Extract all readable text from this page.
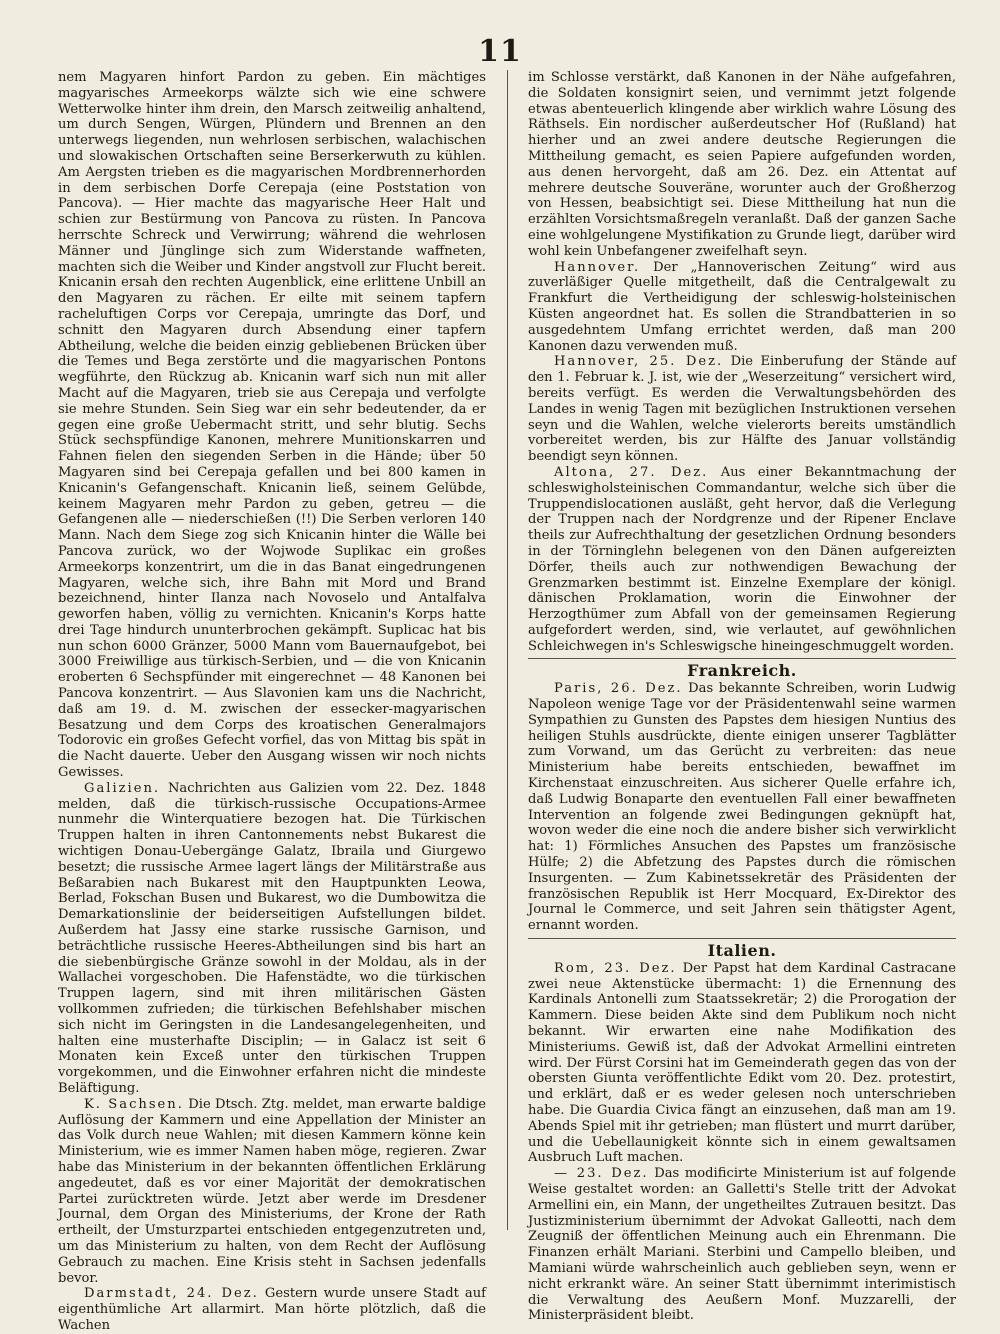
11

nem Magyaren hinfort Pardon zu geben. Ein mächtiges magyarisches Armeekorps wälzte sich wie eine schwere Wetterwolke hinter ihm drein, den Marsch zeitweilig anhaltend, um durch Sengen, Würgen, Plündern und Brennen an den unterwegs liegenden, nun wehrlosen serbischen, walachischen und slowakischen Ortschaften seine Berserkerwuth zu kühlen. Am Aergsten trieben es die magyarischen Mordbrennerhorden in dem serbischen Dorfe Cerepaja (eine Poststation von Pancova). — Hier machte das magyarische Heer Halt und schien zur Bestürmung von Pancova zu rüsten. In Pancova herrschte Schreck und Verwirrung; während die wehrlosen Männer und Jünglinge sich zum Widerstande waffneten, machten sich die Weiber und Kinder angstvoll zur Flucht bereit. Knicanin ersah den rechten Augenblick, eine erlittene Unbill an den Magyaren zu rächen. Er eilte mit seinem tapfern racheluftigen Corps vor Cerepaja, umringte das Dorf, und schnitt den Magyaren durch Absendung einer tapfern Abtheilung, welche die beiden einzig gebliebenen Brücken über die Temes und Bega zerstörte und die magyarischen Pontons wegführte, den Rückzug ab. Knicanin warf sich nun mit aller Macht auf die Magyaren, trieb sie aus Cerepaja und verfolgte sie mehre Stunden. Sein Sieg war ein sehr bedeutender, da er gegen eine große Uebermacht stritt, und sehr blutig. Sechs Stück sechspfündige Kanonen, mehrere Munitionskarren und Fahnen fielen den siegenden Serben in die Hände; über 50 Magyaren sind bei Cerepaja gefallen und bei 800 kamen in Knicanin's Gefangenschaft. Knicanin ließ, seinem Gelübde, keinem Magyaren mehr Pardon zu geben, getreu — die Gefangenen alle — niederschießen (!!) Die Serben verloren 140 Mann. Nach dem Siege zog sich Knicanin hinter die Wälle bei Pancova zurück, wo der Wojwode Suplikac ein großes Armeekorps konzentrirt, um die in das Banat eingedrungenen Magyaren, welche sich, ihre Bahn mit Mord und Brand bezeichnend, hinter Ilanza nach Novoselo und Antalfalva geworfen haben, völlig zu vernichten. Knicanin's Korps hatte drei Tage hindurch ununterbrochen gekämpft. Suplicac hat bis nun schon 6000 Gränzer, 5000 Mann vom Bauernaufgebot, bei 3000 Freiwillige aus türkisch-Serbien, und — die von Knicanin eroberten 6 Sechspfünder mit eingerechnet — 48 Kanonen bei Pancova konzentrirt. — Aus Slavonien kam uns die Nachricht, daß am 19. d. M. zwischen der essecker-magyarischen Besatzung und dem Corps des kroatischen Generalmajors Todorovic ein großes Gefecht vorfiel, das von Mittag bis spät in die Nacht dauerte. Ueber den Ausgang wissen wir noch nichts Gewisses.

Galizien. Nachrichten aus Galizien vom 22. Dez. 1848 melden, daß die türkisch-russische Occupations-Armee nunmehr die Winterquatiere bezogen hat. Die Türkischen Truppen halten in ihren Cantonnements nebst Bukarest die wichtigen Donau-Uebergänge Galatz, Ibraila und Giurgewo besetzt; die russische Armee lagert längs der Militärstraße aus Beßarabien nach Bukarest mit den Hauptpunkten Leowa, Berlad, Fokschan Busen und Bukarest, wo die Dumbowitza die Demarkationslinie der beiderseitigen Aufstellungen bildet. Außerdem hat Jassy eine starke russische Garnison, und beträchtliche russische Heeres-Abtheilungen sind bis hart an die siebenbürgische Gränze sowohl in der Moldau, als in der Wallachei vorgeschoben. Die Hafenstädte, wo die türkischen Truppen lagern, sind mit ihren militärischen Gästen vollkommen zufrieden; die türkischen Befehlshaber mischen sich nicht im Geringsten in die Landesangelegenheiten, und halten eine musterhafte Disciplin; — in Galacz ist seit 6 Monaten kein Exceß unter den türkischen Truppen vorgekommen, und die Einwohner erfahren nicht die mindeste Beläftigung.

K. Sachsen. Die Dtsch. Ztg. meldet, man erwarte baldige Auflösung der Kammern und eine Appellation der Minister an das Volk durch neue Wahlen; mit diesen Kammern könne kein Ministerium, wie es immer Namen haben möge, regieren. Zwar habe das Ministerium in der bekannten öffentlichen Erklärung angedeutet, daß es vor einer Majorität der demokratischen Partei zurücktreten würde. Jetzt aber werde im Dresdener Journal, dem Organ des Ministeriums, der Krone der Rath ertheilt, der Umsturzpartei entschieden entgegenzutreten und, um das Ministerium zu halten, von dem Recht der Auflösung Gebrauch zu machen. Eine Krisis steht in Sachsen jedenfalls bevor.

Darmstadt, 24. Dez. Gestern wurde unsere Stadt auf eigenthümliche Art allarmirt. Man hörte plötzlich, daß die Wachen

im Schlosse verstärkt, daß Kanonen in der Nähe aufgefahren, die Soldaten konsignirt seien, und vernimmt jetzt folgende etwas abenteuerlich klingende aber wirklich wahre Lösung des Räthsels. Ein nordischer außerdeutscher Hof (Rußland) hat hierher und an zwei andere deutsche Regierungen die Mittheilung gemacht, es seien Papiere aufgefunden worden, aus denen hervorgeht, daß am 26. Dez. ein Attentat auf mehrere deutsche Souveräne, worunter auch der Großherzog von Hessen, beabsichtigt sei. Diese Mittheilung hat nun die erzählten Vorsichtsmaßregeln veranlaßt. Daß der ganzen Sache eine wohlgelungene Mystifikation zu Grunde liegt, darüber wird wohl kein Unbefangener zweifelhaft seyn.

Hannover. Der „Hannoverischen Zeitung“ wird aus zuverläßiger Quelle mitgetheilt, daß die Centralgewalt zu Frankfurt die Vertheidigung der schleswig-holsteinischen Küsten angeordnet hat. Es sollen die Strandbatterien in so ausgedehntem Umfang errichtet werden, daß man 200 Kanonen dazu verwenden muß.

Hannover, 25. Dez. Die Einberufung der Stände auf den 1. Februar k. J. ist, wie der „Weserzeitung“ versichert wird, bereits verfügt. Es werden die Verwaltungsbehörden des Landes in wenig Tagen mit bezüglichen Instruktionen versehen seyn und die Wahlen, welche vielerorts bereits umständlich vorbereitet werden, bis zur Hälfte des Januar vollständig beendigt seyn können.

Altona, 27. Dez. Aus einer Bekanntmachung der schleswigholsteinischen Commandantur, welche sich über die Truppendislocationen ausläßt, geht hervor, daß die Verlegung der Truppen nach der Nordgrenze und der Ripener Enclave theils zur Aufrechthaltung der gesetzlichen Ordnung besonders in der Törninglehn belegenen von den Dänen aufgereizten Dörfer, theils auch zur nothwendigen Bewachung der Grenzmarken bestimmt ist. Einzelne Exemplare der königl. dänischen Proklamation, worin die Einwohner der Herzogthümer zum Abfall von der gemeinsamen Regierung aufgefordert werden, sind, wie verlautet, auf gewöhnlichen Schleichwegen in's Schleswigsche hineingeschmuggelt worden.

Frankreich.

Paris, 26. Dez. Das bekannte Schreiben, worin Ludwig Napoleon wenige Tage vor der Präsidentenwahl seine warmen Sympathien zu Gunsten des Papstes dem hiesigen Nuntius des heiligen Stuhls ausdrückte, diente einigen unserer Tagblätter zum Vorwand, um das Gerücht zu verbreiten: das neue Ministerium habe bereits entschieden, bewaffnet im Kirchenstaat einzuschreiten. Aus sicherer Quelle erfahre ich, daß Ludwig Bonaparte den eventuellen Fall einer bewaffneten Intervention an folgende zwei Bedingungen geknüpft hat, wovon weder die eine noch die andere bisher sich verwirklicht hat: 1) Förmliches Ansuchen des Papstes um französische Hülfe; 2) die Abfetzung des Papstes durch die römischen Insurgenten. — Zum Kabinetssekretär des Präsidenten der französischen Republik ist Herr Mocquard, Ex-Direktor des Journal le Commerce, und seit Jahren sein thätigster Agent, ernannt worden.

Italien.

Rom, 23. Dez. Der Papst hat dem Kardinal Castracane zwei neue Aktenstücke übermacht: 1) die Ernennung des Kardinals Antonelli zum Staatssekretär; 2) die Prorogation der Kammern. Diese beiden Akte sind dem Publikum noch nicht bekannt. Wir erwarten eine nahe Modifikation des Ministeriums. Gewiß ist, daß der Advokat Armellini eintreten wird. Der Fürst Corsini hat im Gemeinderath gegen das von der obersten Giunta veröffentlichte Edikt vom 20. Dez. protestirt, und erklärt, daß er es weder gelesen noch unterschrieben habe. Die Guardia Civica fängt an einzusehen, daß man am 19. Abends Spiel mit ihr getrieben; man flüstert und murrt darüber, und die Uebellaunigkeit könnte sich in einem gewaltsamen Ausbruch Luft machen.

— 23. Dez. Das modificirte Ministerium ist auf folgende Weise gestaltet worden: an Galletti's Stelle tritt der Advokat Armellini ein, ein Mann, der ungetheiltes Zutrauen besitzt. Das Justizministerium übernimmt der Advokat Galleotti, nach dem Zeugniß der öffentlichen Meinung auch ein Ehrenmann. Die Finanzen erhält Mariani. Sterbini und Campello bleiben, und Mamiani würde wahrscheinlich auch geblieben seyn, wenn er nicht erkrankt wäre. An seiner Statt übernimmt interimistisch die Verwaltung des Aeußern Monf. Muzzarelli, der Ministerpräsident bleibt.
